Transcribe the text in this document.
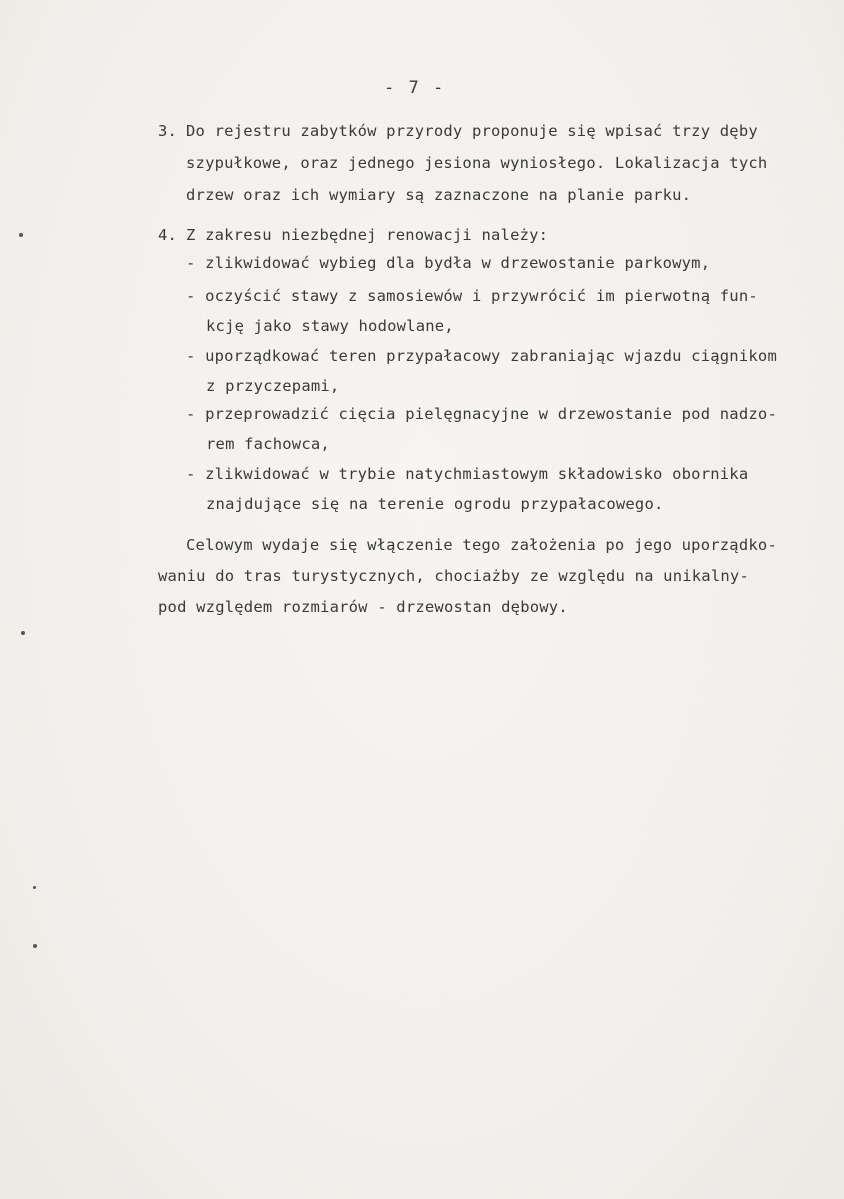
- 7 -
3. Do rejestru zabytków przyrody proponuje się wpisać trzy dęby
szypułkowe, oraz jednego jesiona wyniosłego. Lokalizacja tych
drzew oraz ich wymiary są zaznaczone na planie parku.
4. Z zakresu niezbędnej renowacji należy:
- zlikwidować wybieg dla bydła w drzewostanie parkowym,
- oczyścić stawy z samosiewów i przywrócić im pierwotną fun-
kcję jako stawy hodowlane,
- uporządkować teren przypałacowy zabraniając wjazdu ciągnikom
z przyczepami,
- przeprowadzić cięcia pielęgnacyjne w drzewostanie pod nadzo-
rem fachowca,
- zlikwidować w trybie natychmiastowym składowisko obornika
znajdujące się na terenie ogrodu przypałacowego.
Celowym wydaje się włączenie tego założenia po jego uporządko-
waniu do tras turystycznych, chociażby ze względu na unikalny-
pod względem rozmiarów - drzewostan dębowy.
